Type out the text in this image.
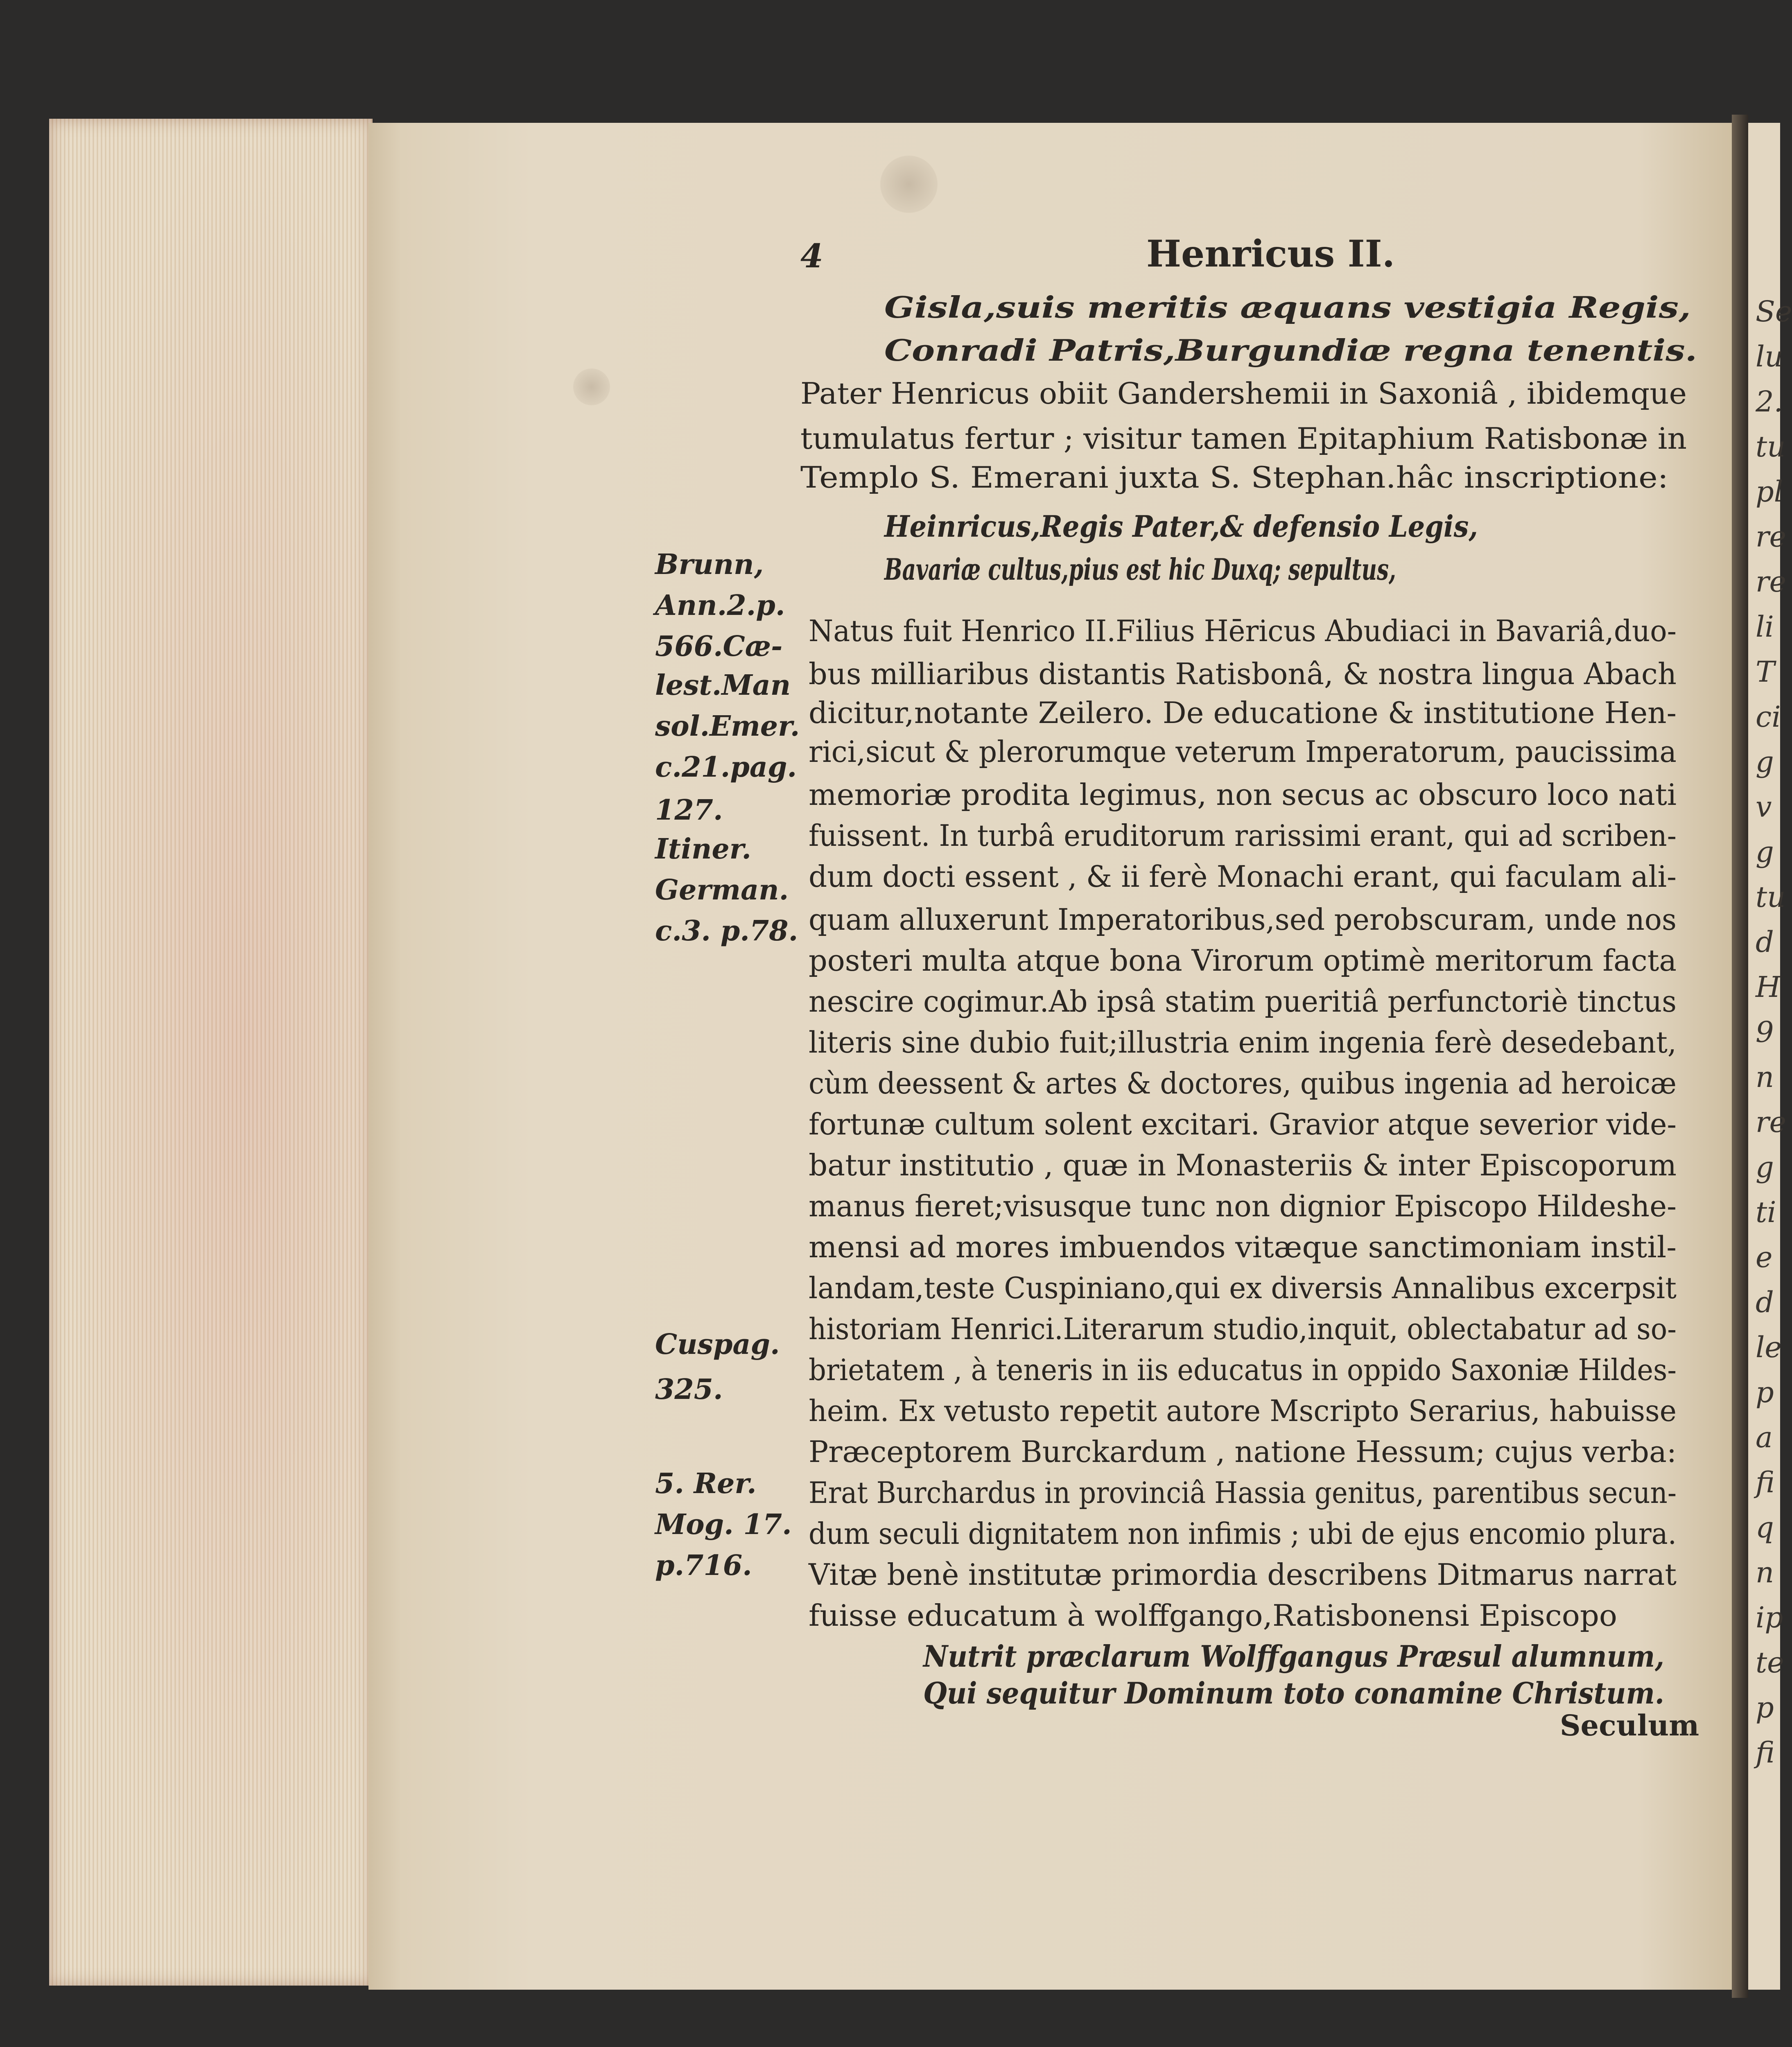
Se
lu
2.
tu
pl
re
re
li
T
ci
g
v
g
tu
d
H
9
n
re
g
ti
e
d
le
p
a
fi
q
n
ip
te
p
fi
4	Henricus II.
Gisla,suis meritis æquans vestigia Regis,
Conradi Patris,Burgundiæ regna tenentis.
Pater Henricus obiit Gandershemii in Saxoniâ , ibidemque
tumulatus fertur ; visitur tamen Epitaphium Ratisbonæ in
Templo S. Emerani juxta S. Stephan.hâc inscriptione:
Heinricus,Regis Pater,& defensio Legis,
Bavariæ cultus,pius est hic Duxq; sepultus,
Natus fuit Henrico II.Filius Hēricus Abudiaci in Bavariâ,duo-
bus milliaribus distantis Ratisbonâ, & nostra lingua Abach
dicitur,notante Zeilero. De educatione & institutione Hen-
rici,sicut & plerorumque veterum Imperatorum, paucissima
memoriæ prodita legimus, non secus ac obscuro loco nati
fuissent. In turbâ eruditorum rarissimi erant, qui ad scriben-
dum docti essent , & ii ferè Monachi erant, qui faculam ali-
quam alluxerunt Imperatoribus,sed perobscuram, unde nos
posteri multa atque bona Virorum optimè meritorum facta
nescire cogimur.Ab ipsâ statim pueritiâ perfunctoriè tinctus
literis sine dubio fuit;illustria enim ingenia ferè desedebant,
cùm deessent & artes & doctores, quibus ingenia ad heroicæ
fortunæ cultum solent excitari. Gravior atque severior vide-
batur institutio , quæ in Monasteriis & inter Episcoporum
manus fieret;visusque tunc non dignior Episcopo Hildeshe-
mensi ad mores imbuendos vitæque sanctimoniam instil-
landam,teste Cuspiniano,qui ex diversis Annalibus excerpsit
historiam Henrici.Literarum studio,inquit, oblectabatur ad so-
brietatem , à teneris in iis educatus in oppido Saxoniæ Hildes-
heim. Ex vetusto repetit autore Mscripto Serarius, habuisse
Præceptorem Burckardum , natione Hessum; cujus verba:
Erat Burchardus in provinciâ Hassia genitus, parentibus secun-
dum seculi dignitatem non infimis ; ubi de ejus encomio plura.
Vitæ benè institutæ primordia describens Ditmarus narrat
fuisse educatum à wolffgango,Ratisbonensi Episcopo
Nutrit præclarum Wolffgangus Præsul alumnum,
Qui sequitur Dominum toto conamine Christum.
Brunn,
Ann.2.p.
566.Cæ-
lest.Man
sol.Emer.
c.21.pag.
127.
Itiner.
German.
c.3. p.78.
Cuspag.
325.
5. Rer.
Mog. 17.
p.716.
Seculum
